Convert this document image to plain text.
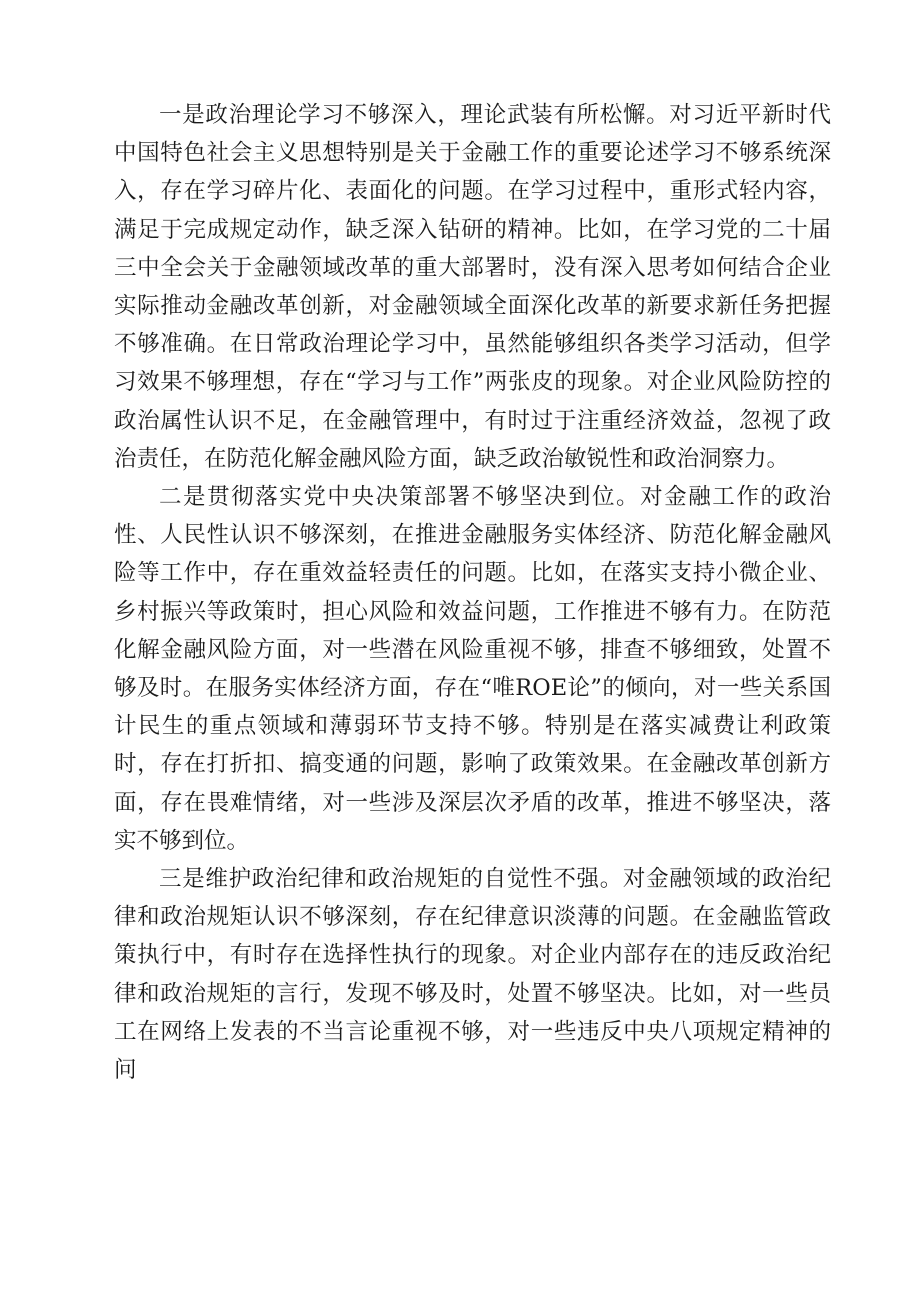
一是政治理论学习不够深入，理论武装有所松懈。对习近平新时代中国特色社会主义思想特别是关于金融工作的重要论述学习不够系统深入，存在学习碎片化、表面化的问题。在学习过程中，重形式轻内容，满足于完成规定动作，缺乏深入钻研的精神。比如，在学习党的二十届三中全会关于金融领域改革的重大部署时，没有深入思考如何结合企业实际推动金融改革创新，对金融领域全面深化改革的新要求新任务把握不够准确。在日常政治理论学习中，虽然能够组织各类学习活动，但学习效果不够理想，存在“学习与工作”两张皮的现象。对企业风险防控的政治属性认识不足，在金融管理中，有时过于注重经济效益，忽视了政治责任，在防范化解金融风险方面，缺乏政治敏锐性和政治洞察力。

二是贯彻落实党中央决策部署不够坚决到位。对金融工作的政治性、人民性认识不够深刻，在推进金融服务实体经济、防范化解金融风险等工作中，存在重效益轻责任的问题。比如，在落实支持小微企业、乡村振兴等政策时，担心风险和效益问题，工作推进不够有力。在防范化解金融风险方面，对一些潜在风险重视不够，排查不够细致，处置不够及时。在服务实体经济方面，存在“唯ROE论”的倾向，对一些关系国计民生的重点领域和薄弱环节支持不够。特别是在落实减费让利政策时，存在打折扣、搞变通的问题，影响了政策效果。在金融改革创新方面，存在畏难情绪，对一些涉及深层次矛盾的改革，推进不够坚决，落实不够到位。

三是维护政治纪律和政治规矩的自觉性不强。对金融领域的政治纪律和政治规矩认识不够深刻，存在纪律意识淡薄的问题。在金融监管政策执行中，有时存在选择性执行的现象。对企业内部存在的违反政治纪律和政治规矩的言行，发现不够及时，处置不够坚决。比如，对一些员工在网络上发表的不当言论重视不够，对一些违反中央八项规定精神的问
